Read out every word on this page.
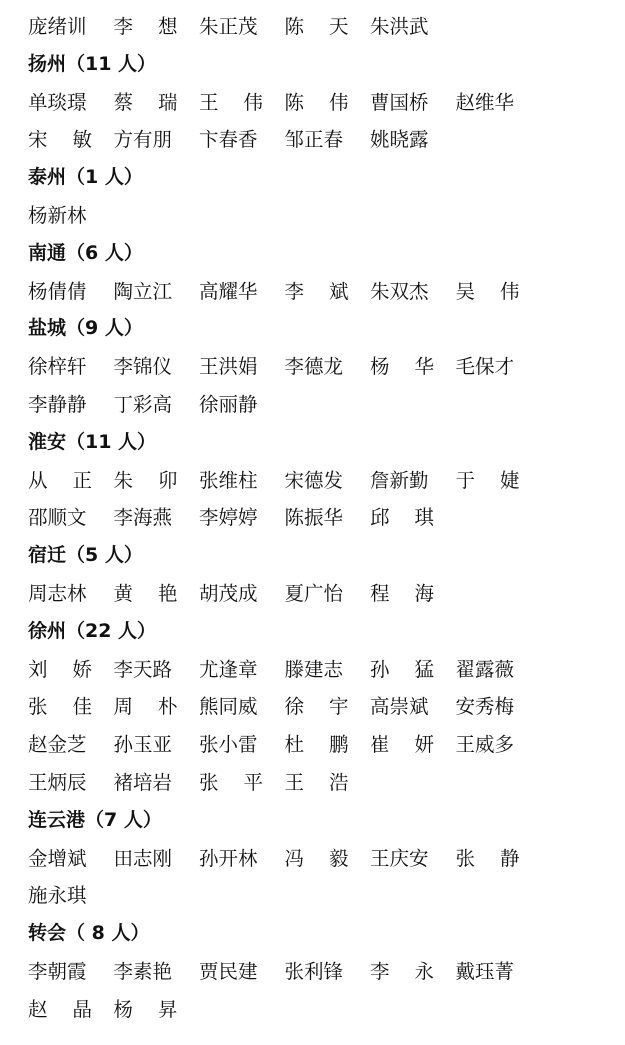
庞绪训 李 想 朱正茂 陈 天 朱洪武
扬州（11 人）
单琰璟 蔡 瑞 王 伟 陈 伟 曹国桥 赵维华
宋 敏 方有朋 卞春香 邹正春 姚晓露
泰州（1 人）
杨新林
南通（6 人）
杨倩倩 陶立江 高耀华 李 斌 朱双杰 吴 伟
盐城（9 人）
徐梓轩 李锦仪 王洪娟 李德龙 杨 华 毛保才
李静静 丁彩高 徐丽静
淮安（11 人）
从 正 朱 卯 张维柱 宋德发 詹新勤 于 婕
邵顺文 李海燕 李婷婷 陈振华 邱 琪
宿迁（5 人）
周志林 黄 艳 胡茂成 夏广怡 程 海
徐州（22 人）
刘 娇 李天路 尤逢章 滕建志 孙 猛 翟露薇
张 佳 周 朴 熊同威 徐 宇 高崇斌 安秀梅
赵金芝 孙玉亚 张小雷 杜 鹏 崔 妍 王威多
王炳辰 褚培岩 张 平 王 浩
连云港（7 人）
金增斌 田志刚 孙开林 冯 毅 王庆安 张 静
施永琪
转会（ 8 人）
李朝霞 李素艳 贾民建 张利锋 李 永 戴珏菁
赵 晶 杨 昇
